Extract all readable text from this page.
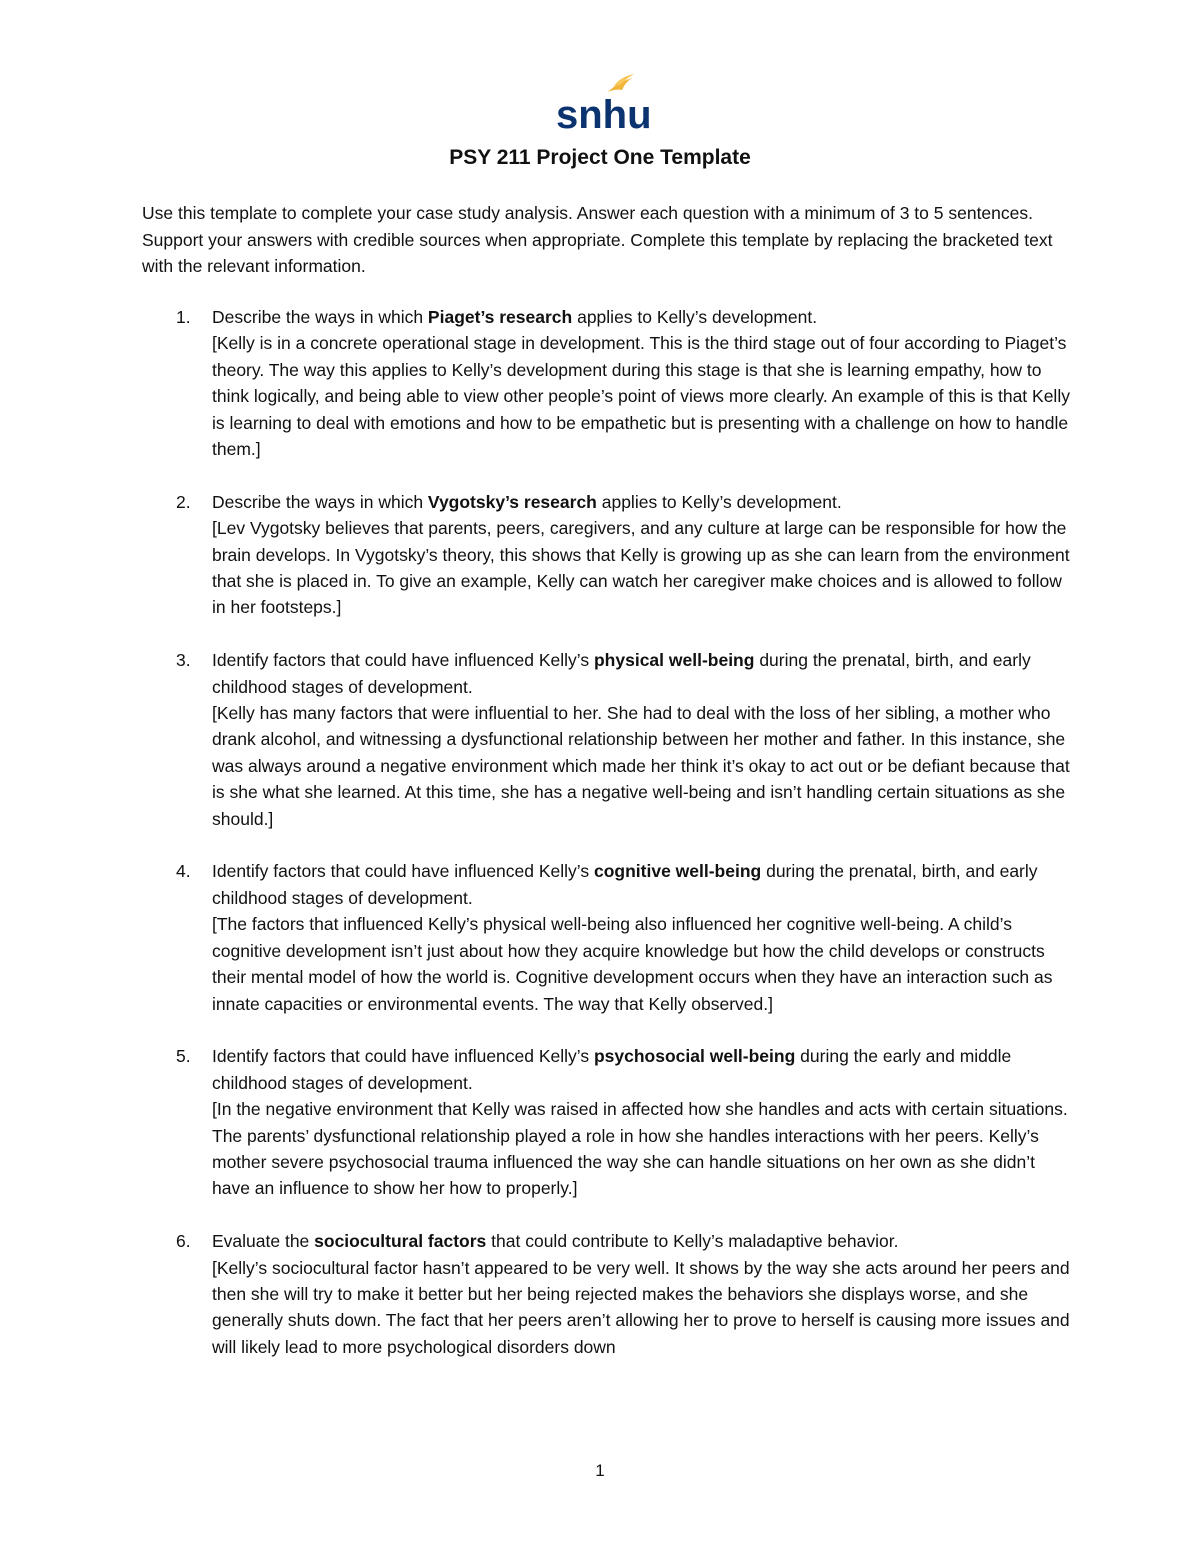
snhu
PSY 211 Project One Template
Use this template to complete your case study analysis. Answer each question with a minimum of 3 to 5 sentences. Support your answers with credible sources when appropriate. Complete this template by replacing the bracketed text with the relevant information.
1. Describe the ways in which Piaget’s research applies to Kelly’s development.
[Kelly is in a concrete operational stage in development. This is the third stage out of four according to Piaget’s theory. The way this applies to Kelly’s development during this stage is that she is learning empathy, how to think logically, and being able to view other people’s point of views more clearly. An example of this is that Kelly is learning to deal with emotions and how to be empathetic but is presenting with a challenge on how to handle them.]
2. Describe the ways in which Vygotsky’s research applies to Kelly’s development.
[Lev Vygotsky believes that parents, peers, caregivers, and any culture at large can be responsible for how the brain develops. In Vygotsky’s theory, this shows that Kelly is growing up as she can learn from the environment that she is placed in. To give an example, Kelly can watch her caregiver make choices and is allowed to follow in her footsteps.]
3. Identify factors that could have influenced Kelly’s physical well-being during the prenatal, birth, and early childhood stages of development.
[Kelly has many factors that were influential to her. She had to deal with the loss of her sibling, a mother who drank alcohol, and witnessing a dysfunctional relationship between her mother and father. In this instance, she was always around a negative environment which made her think it’s okay to act out or be defiant because that is she what she learned. At this time, she has a negative well-being and isn’t handling certain situations as she should.]
4. Identify factors that could have influenced Kelly’s cognitive well-being during the prenatal, birth, and early childhood stages of development.
[The factors that influenced Kelly’s physical well-being also influenced her cognitive well-being. A child’s cognitive development isn’t just about how they acquire knowledge but how the child develops or constructs their mental model of how the world is. Cognitive development occurs when they have an interaction such as innate capacities or environmental events. The way that Kelly observed.]
5. Identify factors that could have influenced Kelly’s psychosocial well-being during the early and middle childhood stages of development.
[In the negative environment that Kelly was raised in affected how she handles and acts with certain situations. The parents’ dysfunctional relationship played a role in how she handles interactions with her peers. Kelly’s mother severe psychosocial trauma influenced the way she can handle situations on her own as she didn’t have an influence to show her how to properly.]
6. Evaluate the sociocultural factors that could contribute to Kelly’s maladaptive behavior.
[Kelly’s sociocultural factor hasn’t appeared to be very well. It shows by the way she acts around her peers and then she will try to make it better but her being rejected makes the behaviors she displays worse, and she generally shuts down. The fact that her peers aren’t allowing her to prove to herself is causing more issues and will likely lead to more psychological disorders down
1
